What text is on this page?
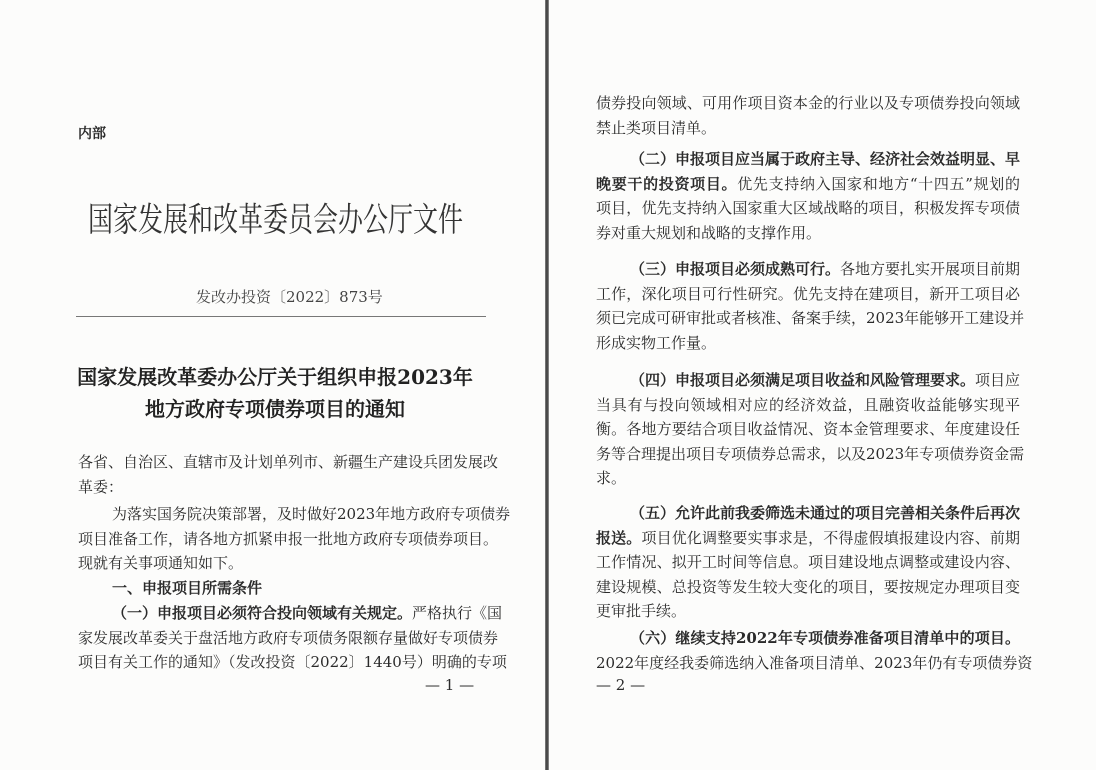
内部
国家发展和改革委员会办公厅文件
发改办投资〔2022〕873号
国家发展改革委办公厅关于组织申报2023年
地方政府专项债券项目的通知
各省、自治区、直辖市及计划单列市、新疆生产建设兵团发展改
革委：
为落实国务院决策部署，及时做好2023年地方政府专项债券
项目准备工作，请各地方抓紧申报一批地方政府专项债券项目。
现就有关事项通知如下。
一、申报项目所需条件
（一）申报项目必须符合投向领域有关规定。严格执行《国
家发展改革委关于盘活地方政府专项债务限额存量做好专项债券
项目有关工作的通知》（发改投资〔2022〕1440号）明确的专项
— 1 —
债券投向领域、可用作项目资本金的行业以及专项债券投向领域
禁止类项目清单。
（二）申报项目应当属于政府主导、经济社会效益明显、早
晚要干的投资项目。优先支持纳入国家和地方“十四五”规划的
项目，优先支持纳入国家重大区域战略的项目，积极发挥专项债
券对重大规划和战略的支撑作用。
（三）申报项目必须成熟可行。各地方要扎实开展项目前期
工作，深化项目可行性研究。优先支持在建项目，新开工项目必
须已完成可研审批或者核准、备案手续，2023年能够开工建设并
形成实物工作量。
（四）申报项目必须满足项目收益和风险管理要求。项目应
当具有与投向领域相对应的经济效益，且融资收益能够实现平
衡。各地方要结合项目收益情况、资本金管理要求、年度建设任
务等合理提出项目专项债券总需求，以及2023年专项债券资金需
求。
（五）允许此前我委筛选未通过的项目完善相关条件后再次
报送。项目优化调整要实事求是，不得虚假填报建设内容、前期
工作情况、拟开工时间等信息。项目建设地点调整或建设内容、
建设规模、总投资等发生较大变化的项目，要按规定办理项目变
更审批手续。
（六）继续支持2022年专项债券准备项目清单中的项目。
2022年度经我委筛选纳入准备项目清单、2023年仍有专项债券资
— 2 —
